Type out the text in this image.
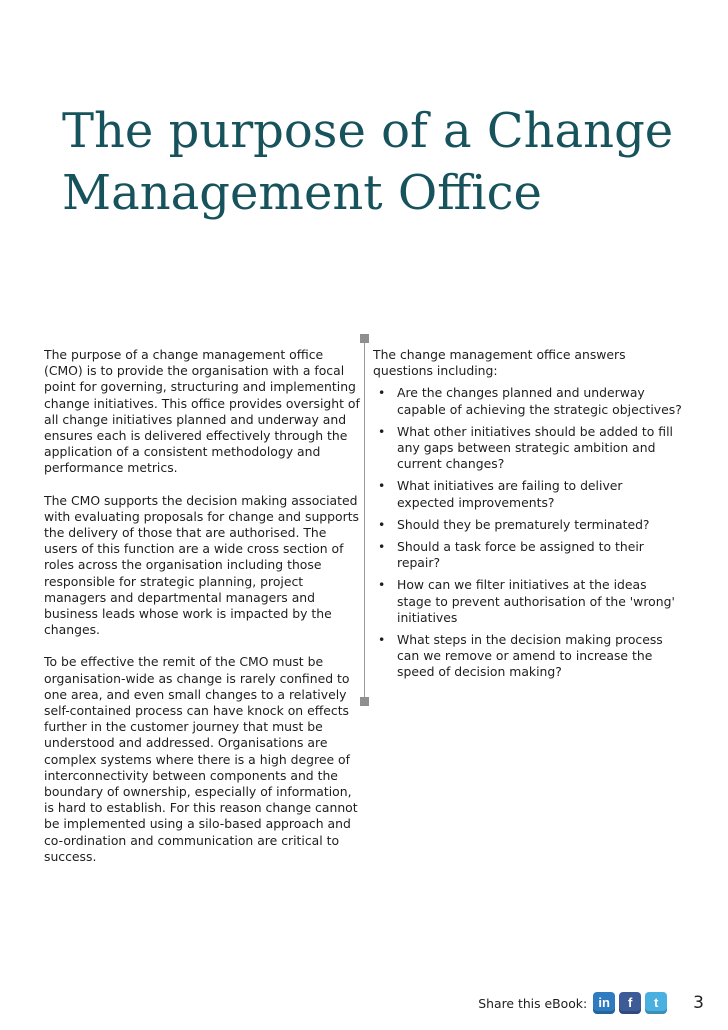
The purpose of a Change Management Office

The purpose of a change management office (CMO) is to provide the organisation with a focal point for governing, structuring and implementing change initiatives. This office provides oversight of all change initiatives planned and underway and ensures each is delivered effectively through the application of a consistent methodology and performance metrics.

The CMO supports the decision making associated with evaluating proposals for change and supports the delivery of those that are authorised. The users of this function are a wide cross section of roles across the organisation including those responsible for strategic planning, project managers and departmental managers and business leads whose work is impacted by the changes.

To be effective the remit of the CMO must be organisation-wide as change is rarely confined to one area, and even small changes to a relatively self-contained process can have knock on effects further in the customer journey that must be understood and addressed. Organisations are complex systems where there is a high degree of interconnectivity between components and the boundary of ownership, especially of information, is hard to establish. For this reason change cannot be implemented using a silo-based approach and co-ordination and communication are critical to success.

The change management office answers questions including:

• Are the changes planned and underway capable of achieving the strategic objectives?
• What other initiatives should be added to fill any gaps between strategic ambition and current changes?
• What initiatives are failing to deliver expected improvements?
• Should they be prematurely terminated?
• Should a task force be assigned to their repair?
• How can we filter initiatives at the ideas stage to prevent authorisation of the 'wrong' initiatives
• What steps in the decision making process can we remove or amend to increase the speed of decision making?
Share this eBook: in	f	t	3
